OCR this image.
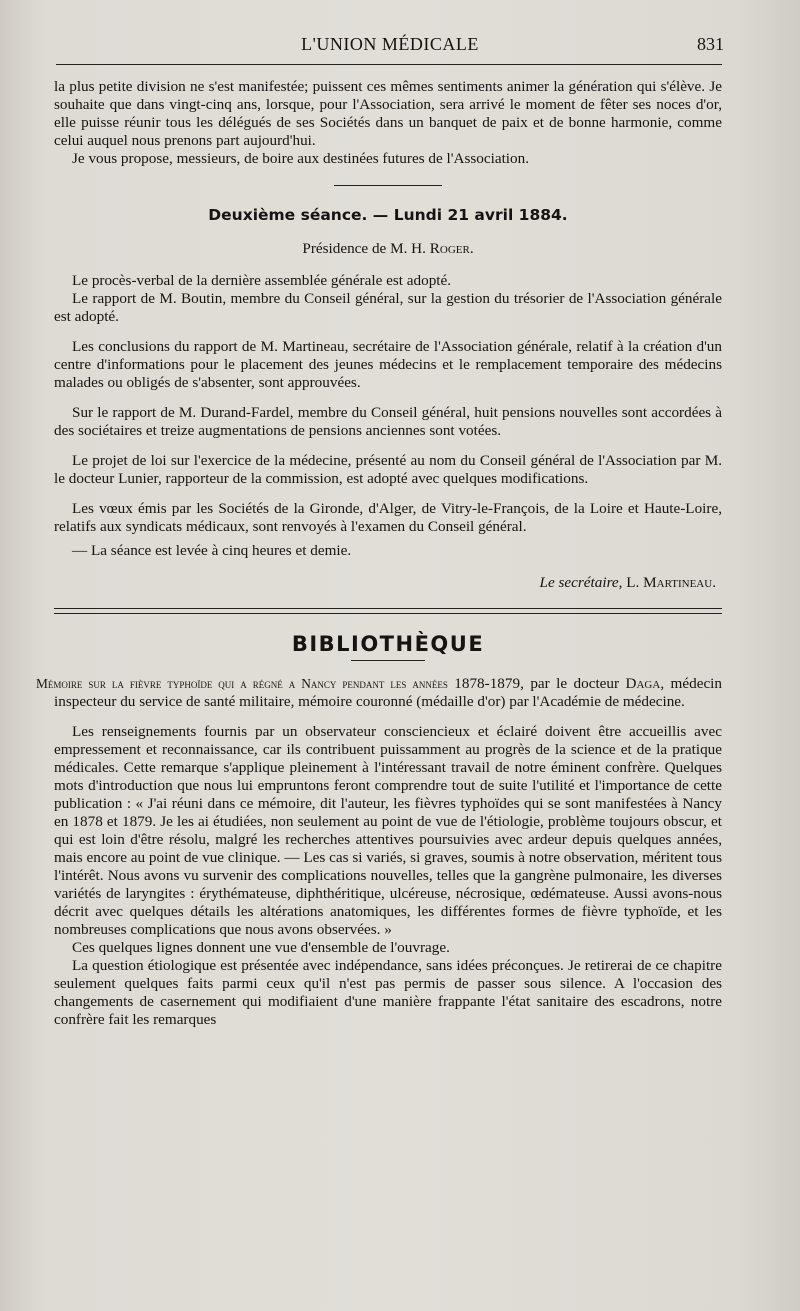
L'UNION MÉDICALE	831

la plus petite division ne s'est manifestée; puissent ces mêmes sentiments animer la génération qui s'élève. Je souhaite que dans vingt-cinq ans, lorsque, pour l'Association, sera arrivé le moment de fêter ses noces d'or, elle puisse réunir tous les délégués de ses Sociétés dans un banquet de paix et de bonne harmonie, comme celui auquel nous prenons part aujourd'hui.

Je vous propose, messieurs, de boire aux destinées futures de l'Association.

Deuxième séance. — Lundi 21 avril 1884.

Présidence de M. H. Roger.

Le procès-verbal de la dernière assemblée générale est adopté.

Le rapport de M. Boutin, membre du Conseil général, sur la gestion du trésorier de l'Association générale est adopté.

Les conclusions du rapport de M. Martineau, secrétaire de l'Association générale, relatif à la création d'un centre d'informations pour le placement des jeunes médecins et le remplacement temporaire des médecins malades ou obligés de s'absenter, sont approuvées.

Sur le rapport de M. Durand-Fardel, membre du Conseil général, huit pensions nouvelles sont accordées à des sociétaires et treize augmentations de pensions anciennes sont votées.

Le projet de loi sur l'exercice de la médecine, présenté au nom du Conseil général de l'Association par M. le docteur Lunier, rapporteur de la commission, est adopté avec quelques modifications.

Les vœux émis par les Sociétés de la Gironde, d'Alger, de Vitry-le-François, de la Loire et Haute-Loire, relatifs aux syndicats médicaux, sont renvoyés à l'examen du Conseil général.

— La séance est levée à cinq heures et demie.

Le secrétaire, L. Martineau.

BIBLIOTHÈQUE

Mémoire sur la fièvre typhoïde qui a régné a Nancy pendant les années 1878-1879, par le docteur Daga, médecin inspecteur du service de santé militaire, mémoire couronné (médaille d'or) par l'Académie de médecine.

Les renseignements fournis par un observateur consciencieux et éclairé doivent être accueillis avec empressement et reconnaissance, car ils contribuent puissamment au progrès de la science et de la pratique médicales. Cette remarque s'applique pleinement à l'intéressant travail de notre éminent confrère. Quelques mots d'introduction que nous lui empruntons feront comprendre tout de suite l'utilité et l'importance de cette publication : « J'ai réuni dans ce mémoire, dit l'auteur, les fièvres typhoïdes qui se sont manifestées à Nancy en 1878 et 1879. Je les ai étudiées, non seulement au point de vue de l'étiologie, problème toujours obscur, et qui est loin d'être résolu, malgré les recherches attentives poursuivies avec ardeur depuis quelques années, mais encore au point de vue clinique. — Les cas si variés, si graves, soumis à notre observation, méritent tous l'intérêt. Nous avons vu survenir des complications nouvelles, telles que la gangrène pulmonaire, les diverses variétés de laryngites : érythémateuse, diphthéritique, ulcéreuse, nécrosique, œdémateuse. Aussi avons-nous décrit avec quelques détails les altérations anatomiques, les différentes formes de fièvre typhoïde, et les nombreuses complications que nous avons observées. »

Ces quelques lignes donnent une vue d'ensemble de l'ouvrage.

La question étiologique est présentée avec indépendance, sans idées préconçues. Je retirerai de ce chapitre seulement quelques faits parmi ceux qu'il n'est pas permis de passer sous silence. A l'occasion des changements de casernement qui modifiaient d'une manière frappante l'état sanitaire des escadrons, notre confrère fait les remarques
